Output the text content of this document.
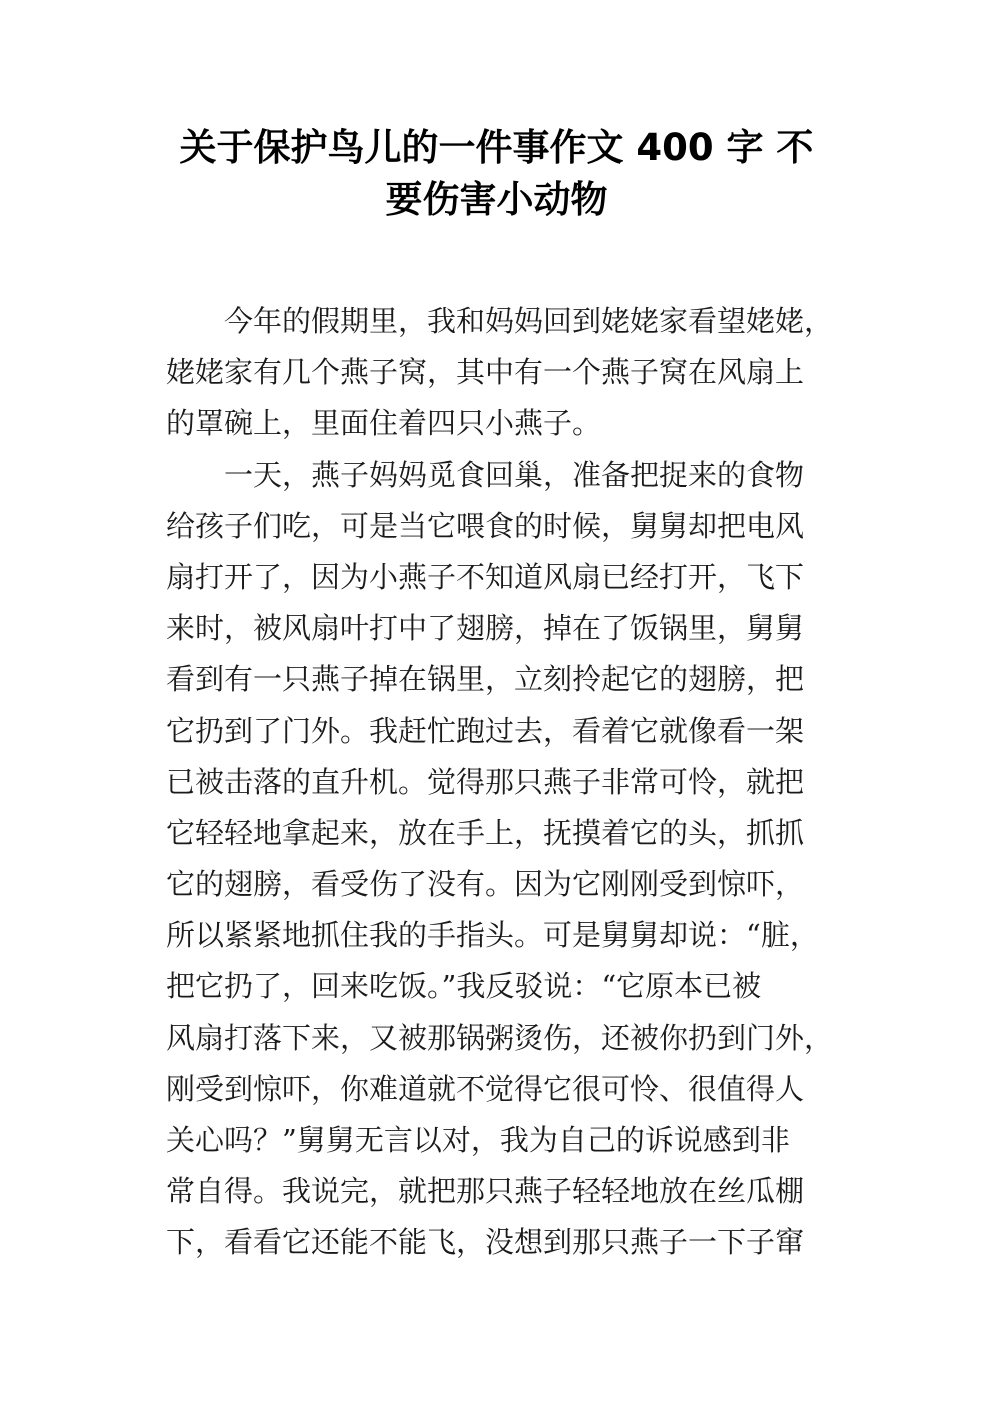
关于保护鸟儿的一件事作文 400 字 不
要伤害小动物
今年的假期里，我和妈妈回到姥姥家看望姥姥，
姥姥家有几个燕子窝，其中有一个燕子窝在风扇上
的罩碗上，里面住着四只小燕子。
一天，燕子妈妈觅食回巢，准备把捉来的食物
给孩子们吃，可是当它喂食的时候，舅舅却把电风
扇打开了，因为小燕子不知道风扇已经打开，飞下
来时，被风扇叶打中了翅膀，掉在了饭锅里，舅舅
看到有一只燕子掉在锅里，立刻拎起它的翅膀，把
它扔到了门外。我赶忙跑过去，看着它就像看一架
已被击落的直升机。觉得那只燕子非常可怜，就把
它轻轻地拿起来，放在手上，抚摸着它的头，抓抓
它的翅膀，看受伤了没有。因为它刚刚受到惊吓，
所以紧紧地抓住我的手指头。可是舅舅却说：“脏，
把它扔了，回来吃饭。”我反驳说：“它原本已被
风扇打落下来，又被那锅粥烫伤，还被你扔到门外，
刚受到惊吓，你难道就不觉得它很可怜、很值得人
关心吗？”舅舅无言以对，我为自己的诉说感到非
常自得。我说完，就把那只燕子轻轻地放在丝瓜棚
下，看看它还能不能飞，没想到那只燕子一下子窜
